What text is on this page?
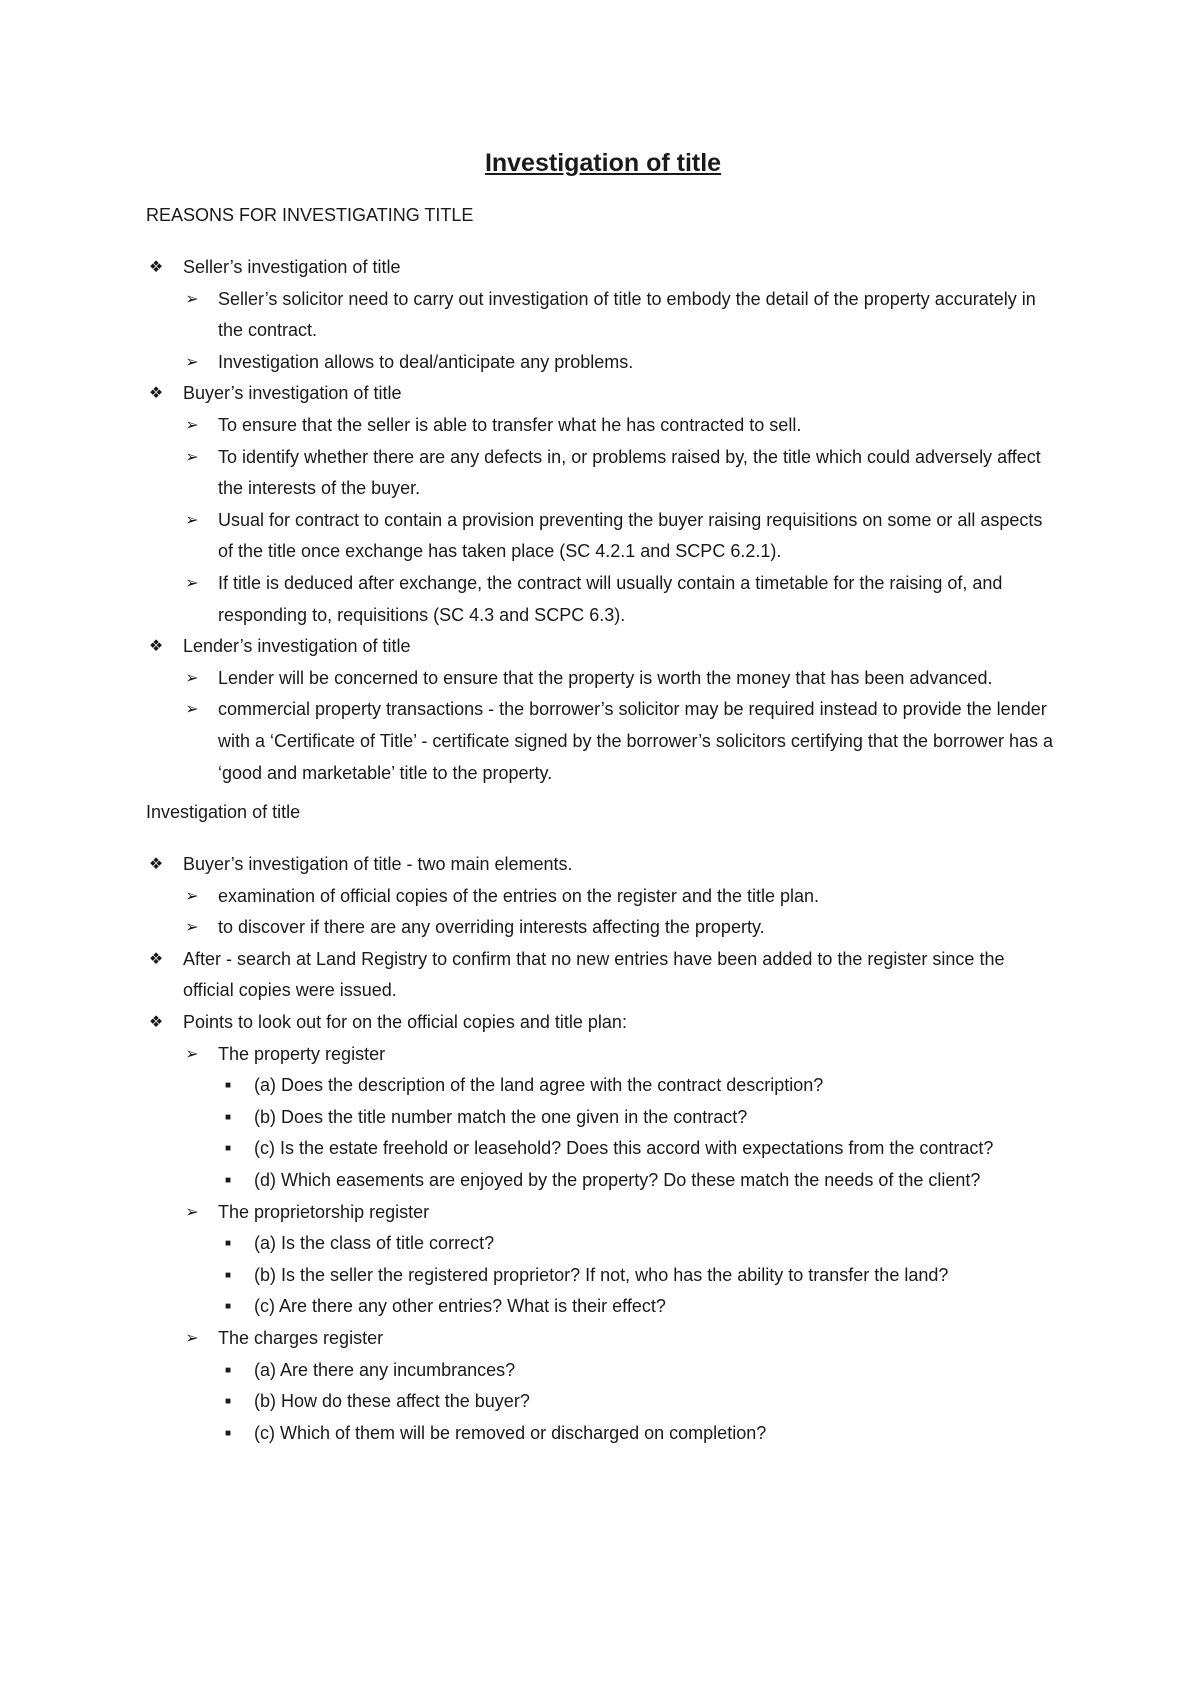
Investigation of title

REASONS FOR INVESTIGATING TITLE

❖ Seller’s investigation of title
➢ Seller’s solicitor need to carry out investigation of title to embody the detail of the property accurately in the contract.
➢ Investigation allows to deal/anticipate any problems.
❖ Buyer’s investigation of title
➢ To ensure that the seller is able to transfer what he has contracted to sell.
➢ To identify whether there are any defects in, or problems raised by, the title which could adversely affect the interests of the buyer.
➢ Usual for contract to contain a provision preventing the buyer raising requisitions on some or all aspects of the title once exchange has taken place (SC 4.2.1 and SCPC 6.2.1).
➢ If title is deduced after exchange, the contract will usually contain a timetable for the raising of, and responding to, requisitions (SC 4.3 and SCPC 6.3).
❖ Lender’s investigation of title
➢ Lender will be concerned to ensure that the property is worth the money that has been advanced.
➢ commercial property transactions - the borrower’s solicitor may be required instead to provide the lender with a ‘Certificate of Title’ - certificate signed by the borrower’s solicitors certifying that the borrower has a ‘good and marketable’ title to the property.

Investigation of title

❖ Buyer’s investigation of title - two main elements.
➢ examination of official copies of the entries on the register and the title plan.
➢ to discover if there are any overriding interests affecting the property.
❖ After - search at Land Registry to confirm that no new entries have been added to the register since the official copies were issued.
❖ Points to look out for on the official copies and title plan:
➢ The property register
■	(a) Does the description of the land agree with the contract description?
■	(b) Does the title number match the one given in the contract?
■	(c) Is the estate freehold or leasehold? Does this accord with expectations from the contract?
■	(d) Which easements are enjoyed by the property? Do these match the needs of the client?
➢ The proprietorship register
■	(a) Is the class of title correct?
■	(b) Is the seller the registered proprietor? If not, who has the ability to transfer the land?
■	(c) Are there any other entries? What is their effect?
➢ The charges register
■	(a) Are there any incumbrances?
■	(b) How do these affect the buyer?
■	(c) Which of them will be removed or discharged on completion?
